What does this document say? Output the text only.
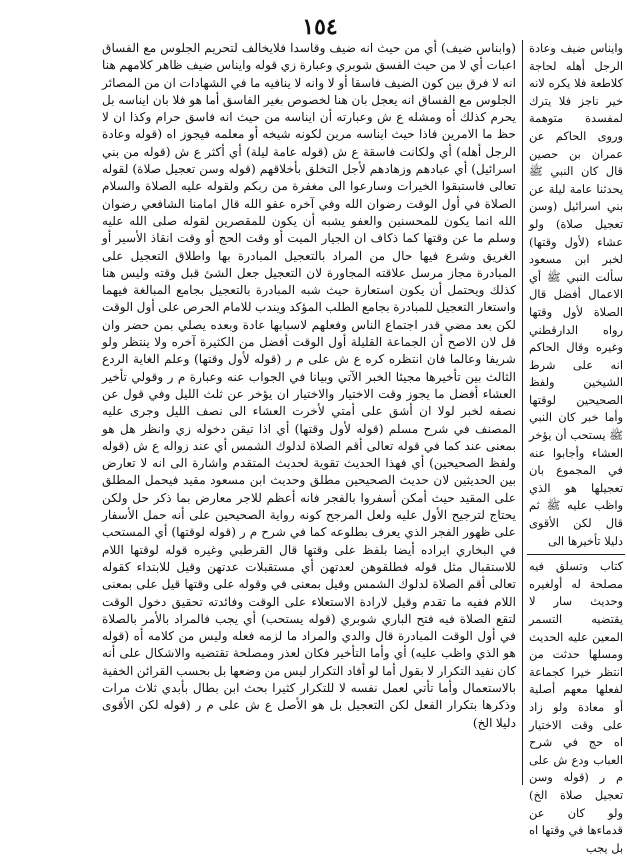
١٥٤

(وابناس ضيف) أي من حيث انه ضيف وقاسدا فلايخالف لتحريم الجلوس مع الفساق اعبات أي لا من حيث الفسق شوبري وعبارة زي قوله وايناس ضيف ظاهر كلامهم هنا انه لا فرق بين كون الضيف فاسقا أو لا وانه لا ينافيه ما في الشهادات ان من المصائر الجلوس مع الفساق انه يعجل بان هنا لخصوص بغير الفاسق أما هو فلا بان ايناسه بل يحرم كذلك أه ومشله ع ش وعبارته أن ايناسه من حيث انه فاسق حرام وكذا ان لا حظ ما الامرين فاذا حيث ايناسه مرين لكونه شيخه أو معلمه فيجوز اه (قوله وعادة الرجل أهله) أي ولكانت فاسقة ع ش (قوله عامة ليلة) أي أكثر ع ش (قوله من بني اسرائيل) أي عبادهم وزهادهم لأجل التخلق بأخلاقهم (قوله وسن تعجيل صلاة) لقوله تعالى فاستبقوا الخيرات وسارعوا الى مغفرة من ربكم ولقوله عليه الصلاة والسلام الصلاة في أول الوقت رضوان الله وفي آخره عفو الله قال امامنا الشافعي رضوان الله انما يكون للمحسنين والعفو يشبه أن يكون للمقصرين لقوله صلى الله عليه وسلم ما عن وقتها كما ذكاف ان الجيار الميت أو وقت الحج أو وقت انقاذ الأسير أو الغريق وشرع فيها حال من المراد بالتعجيل المبادرة بها واطلاق التعجيل على المبادرة مجاز مرسل علاقته المجاورة لان التعجيل جعل الشئ قبل وقته وليس هنا كذلك ويحتمل أن يكون استعارة حيث شبه المبادرة بالتعجيل بجامع المبالغة فيهما واستعار التعجيل للمبادرة بجامع الطلب المؤكد ويندب للامام الحرص على أول الوقت لكن بعد مضي قدر اجتماع الناس وفعلهم لاسبابها عادة وبعده يصلي بمن حضر وان قل لان الاصح أن الجماعة القليلة أول الوقت أفضل من الكثيرة آخره ولا ينتظر ولو شريفا وعالما فان انتظره كره ع ش على م ر (قوله لأول وقتها) وعلم الغاية الردع الثالث بين تأخيرها مجيئا الخبر الآتي وبيانا في الجواب عنه وعبارة م ر وقولي تأخير العشاء أفضل ما يجوز وقت الاختيار والاختيار ان يؤخر عن ثلث الليل وفي قول عن نصفه لخبر لولا ان أشق على أمتي لأخرت العشاء الى نصف الليل وجرى عليه المصنف في شرح مسلم (قوله لأول وقتها) أي اذا تيقن دخوله زي وانظر هل هو بمعنى عند كما في قوله تعالى أقم الصلاة لدلوك الشمس أي عند زواله ع ش (قوله ولفظ الصحيحين) أي فهذا الحديث تقوية لحديث المتقدم واشارة الى انه لا تعارض بين الحديثين لان حديث الصحيحين مطلق وحديث ابن مسعود مقيد فيحمل المطلق على المقيد حيث أمكن أسفروا بالفجر فانه أعظم للاجر معارض بما ذكر حل ولكن يحتاج لترجيح الأول عليه ولعل المرجح كونه رواية الصحيحين على أنه حمل الأسفار على ظهور الفجر الذي يعرف بطلوعه كما في شرح م ر (قوله لوقتها) أي المستحب في البخاري ايراده أيضا بلفظ على وقتها قال القرطبي وغيره قوله لوقتها اللام للاستقبال مثل قوله فطلقوهن لعدتهن أي مستقبلات عدتهن وقيل للابتداء كقوله تعالى أقم الصلاة لدلوك الشمس وقيل بمعنى في وقوله على وقتها قيل على بمعنى اللام ففيه ما تقدم وقيل لارادة الاستعلاء على الوقت وفائدته تحقيق دخول الوقت لتقع الصلاة فيه فتح الباري شوبري (قوله يستحب) أي يجب فالمراد بالأمر بالصلاة في أول الوقت المبادرة قال والدي والمراد ما لزمه فعله وليس من كلامه أه (قوله هو الذي واظب عليه) أي وأما التأخير فكان لعذر ومصلحة تقتضيه والاشكال على أنه كان نفيد التكرار لا بقول أما لو أفاد التكرار ليس من وضعها بل بحسب القرائن الخفية بالاستعمال وأما تأتي لعمل نفسه لا للتكرار كثيرا بحث ابن بطال بأبدي ثلاث مرات وذكرها بتكرار الفعل لكن التعجيل بل هو الأصل ع ش على م ر (قوله لكن الأقوى دليلا الخ)

وايناس ضيف وعادة الرجل أهله لحاجة كلاطعة فلا يكره لانه خير ناجز فلا يترك لمفسدة متوهمة وروى الحاكم عن عمران بن حصين قال كان النبي ﷺ يحدثنا عامة ليلة عن بني اسرائيل (وسن تعجيل صلاة) ولو عشاء (لأول وقتها) لخبر ابن مسعود سألت النبي ﷺ أي الاعمال أفضل قال الصلاة لأول وقتها رواه الدارقطني وغيره وقال الحاكم انه على شرط الشيخين ولفظ الصحيحين لوقتها وأما خبر كان النبي ﷺ يستحب أن يؤخر العشاء وأجابوا عنه في المجموع بان تعجيلها هو الذي واظب عليه ﷺ ثم قال لكن الأقوى دليلا تأخيرها الى

كتاب وتسلق فيه مصلحة له أولغيره وحديث سار لا يقتضيه التسمر المعين عليه الحديث ومسلها حدثت من انتظر خيرا كجماعة لفعلها معهم أصلية أو معادة ولو زاد على وقت الاختيار اه حج في شرح العباب ودع ش على م ر (قوله وسن تعجيل صلاة الخ) ولو كان عن قدماءها في وقتها اه بل يجب
